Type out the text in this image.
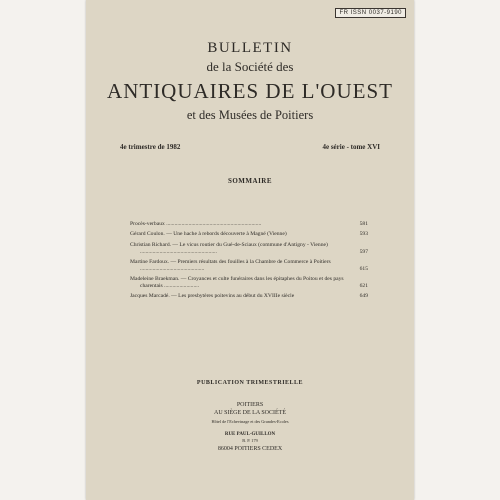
FR ISSN 0037-9190
BULLETIN
de la Société des
ANTIQUAIRES DE L'OUEST
et des Musées de Poitiers
4e trimestre de 1982	4e série - tome XVI
SOMMAIRE
Procès-verbaux ....................................................................	581
Gérard Coulon. — Une hache à rebords découverte à Magné (Vienne)	593
Christian Richard. — Le vicus routier du Gué-de-Sciaux (commune d'Antigny - Vienne) .......................................................	597
Martine Fardoux. — Premiers résultats des fouilles à la Chambre de Commerce à Poitiers ..............................................	615
Madeleine Braekman. — Croyances et culte funéraires dans les épitaphes du Poitou et des pays charentais .........................	621
Jacques Marcadé. — Les presbytères poitevins au début du XVIIIe siècle	649
PUBLICATION TRIMESTRIELLE
POITIERS
AU SIÈGE DE LA SOCIÉTÉ
Hôtel de l'Echevinage et des Grandes-Ecoles
RUE PAUL-GUILLON
B. P. 179
86004 POITIERS CEDEX
